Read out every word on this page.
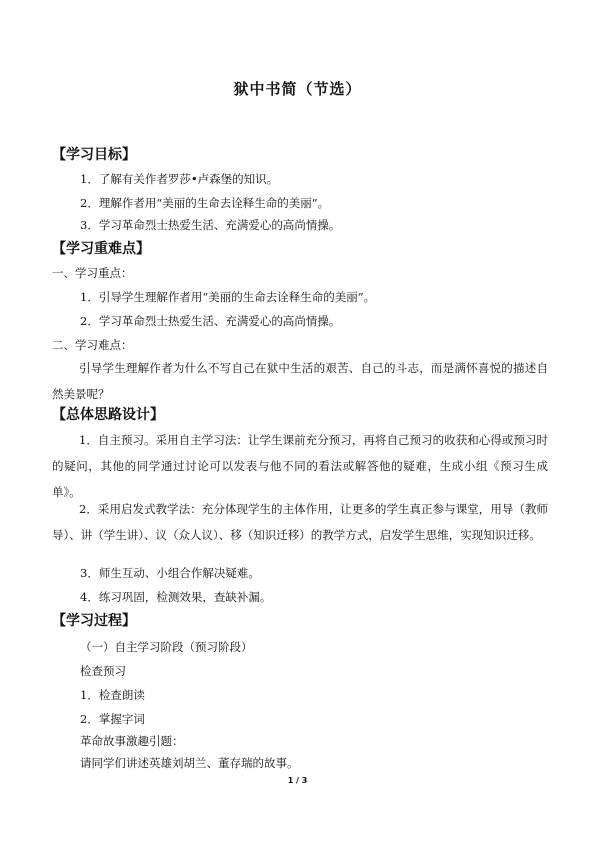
狱中书简（节选）
【学习目标】
1．了解有关作者罗莎•卢森堡的知识。
2．理解作者用“美丽的生命去诠释生命的美丽”。
3．学习革命烈士热爱生活、充满爱心的高尚情操。
【学习重难点】
一、学习重点：
1．引导学生理解作者用“美丽的生命去诠释生命的美丽”。
2．学习革命烈士热爱生活、充满爱心的高尚情操。
二、学习难点：
引导学生理解作者为什么不写自己在狱中生活的艰苦、自己的斗志，而是满怀喜悦的描述自然美景呢？
【总体思路设计】
1．自主预习。采用自主学习法：让学生课前充分预习，再将自己预习的收获和心得或预习时的疑问，其他的同学通过讨论可以发表与他不同的看法或解答他的疑难，生成小组《预习生成单》。
2．采用启发式教学法：充分体现学生的主体作用，让更多的学生真正参与课堂，用导（教师导）、讲（学生讲）、议（众人议）、移（知识迁移）的教学方式，启发学生思维，实现知识迁移。
3．师生互动、小组合作解决疑难。
4．练习巩固，检测效果，查缺补漏。
【学习过程】
（一）自主学习阶段（预习阶段）
检查预习
1．检查朗读
2．掌握字词
革命故事激趣引题：
请同学们讲述英雄刘胡兰、董存瑞的故事。
1 / 3
